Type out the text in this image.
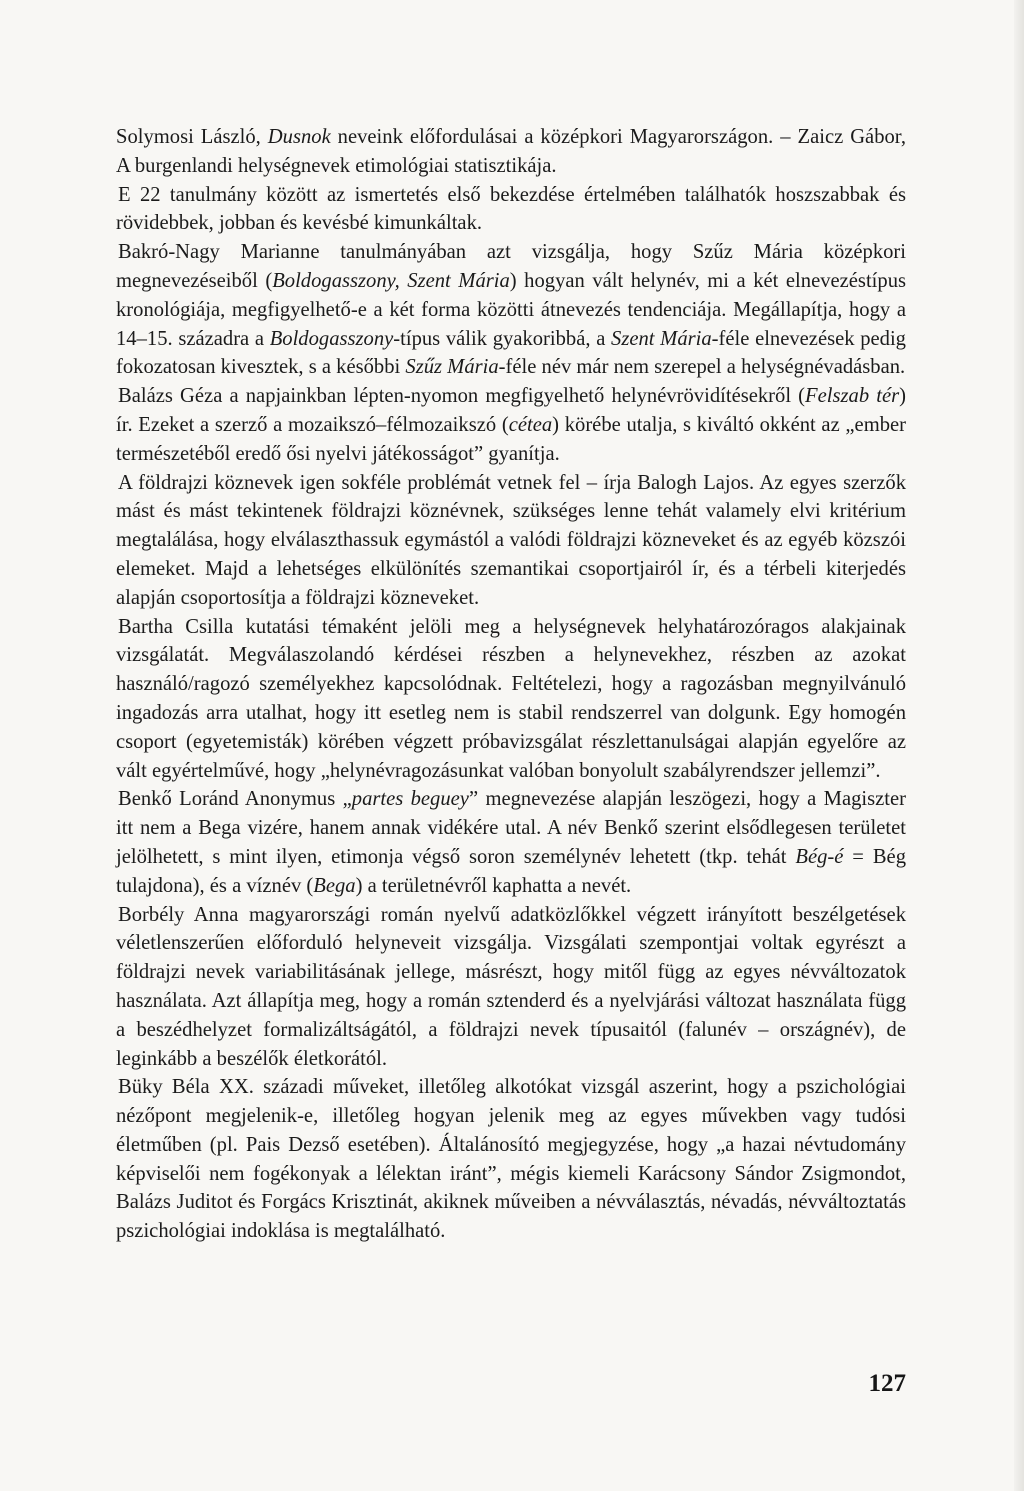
Solymosi László, Dusnok neveink előfordulásai a középkori Magyarországon. – Zaicz Gábor, A burgenlandi helységnevek etimológiai statisztikája.

E 22 tanulmány között az ismertetés első bekezdése értelmében találhatók hoszszabbak és rövidebbek, jobban és kevésbé kimunkáltak.

Bakró-Nagy Marianne tanulmányában azt vizsgálja, hogy Szűz Mária középkori megnevezéseiből (Boldogasszony, Szent Mária) hogyan vált helynév, mi a két elnevezéstípus kronológiája, megfigyelhető-e a két forma közötti átnevezés tendenciája. Megállapítja, hogy a 14–15. századra a Boldogasszony-típus válik gyakoribbá, a Szent Mária-féle elnevezések pedig fokozatosan kivesztek, s a későbbi Szűz Mária-féle név már nem szerepel a helységnévadásban.

Balázs Géza a napjainkban lépten-nyomon megfigyelhető helynévrövidítésekről (Felszab tér) ír. Ezeket a szerző a mozaikszó–félmozaikszó (cétea) körébe utalja, s kiváltó okként az „ember természetéből eredő ősi nyelvi játékosságot” gyanítja.

A földrajzi köznevek igen sokféle problémát vetnek fel – írja Balogh Lajos. Az egyes szerzők mást és mást tekintenek földrajzi köznévnek, szükséges lenne tehát valamely elvi kritérium megtalálása, hogy elválaszthassuk egymástól a valódi földrajzi közneveket és az egyéb közszói elemeket. Majd a lehetséges elkülönítés szemantikai csoportjairól ír, és a térbeli kiterjedés alapján csoportosítja a földrajzi közneveket.

Bartha Csilla kutatási témaként jelöli meg a helységnevek helyhatározóragos alakjainak vizsgálatát. Megválaszolandó kérdései részben a helynevekhez, részben az azokat használó/ragozó személyekhez kapcsolódnak. Feltételezi, hogy a ragozásban megnyilvánuló ingadozás arra utalhat, hogy itt esetleg nem is stabil rendszerrel van dolgunk. Egy homogén csoport (egyetemisták) körében végzett próbavizsgálat részlettanulságai alapján egyelőre az vált egyértelművé, hogy „helynévragozásunkat valóban bonyolult szabályrendszer jellemzi”.

Benkő Loránd Anonymus „partes beguey” megnevezése alapján leszögezi, hogy a Magiszter itt nem a Bega vizére, hanem annak vidékére utal. A név Benkő szerint elsődlegesen területet jelölhetett, s mint ilyen, etimonja végső soron személynév lehetett (tkp. tehát Bég-é = Bég tulajdona), és a víznév (Bega) a területnévről kaphatta a nevét.

Borbély Anna magyarországi román nyelvű adatközlőkkel végzett irányított beszélgetések véletlenszerűen előforduló helyneveit vizsgálja. Vizsgálati szempontjai voltak egyrészt a földrajzi nevek variabilitásának jellege, másrészt, hogy mitől függ az egyes névváltozatok használata. Azt állapítja meg, hogy a román sztenderd és a nyelvjárási változat használata függ a beszédhelyzet formalizáltságától, a földrajzi nevek típusaitól (falunév – országnév), de leginkább a beszélők életkorától.

Büky Béla XX. századi műveket, illetőleg alkotókat vizsgál aszerint, hogy a pszichológiai nézőpont megjelenik-e, illetőleg hogyan jelenik meg az egyes művekben vagy tudósi életműben (pl. Pais Dezső esetében). Általánosító megjegyzése, hogy „a hazai névtudomány képviselői nem fogékonyak a lélektan iránt”, mégis kiemeli Karácsony Sándor Zsigmondot, Balázs Juditot és Forgács Krisztinát, akiknek műveiben a névválasztás, névadás, névváltoztatás pszichológiai indoklása is megtalálható.

127
